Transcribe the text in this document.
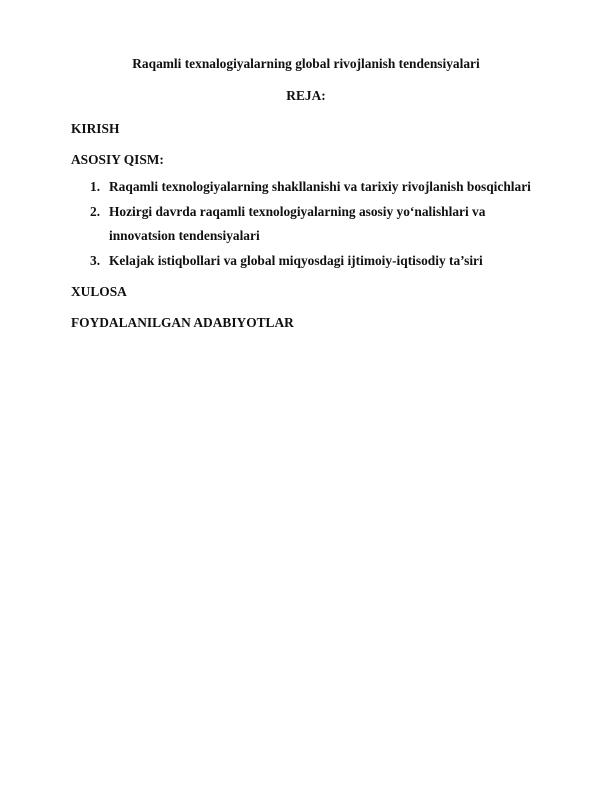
Raqamli texnalogiyalarning global rivojlanish tendensiyalari
REJA:
KIRISH
ASOSIY QISM:
1. Raqamli texnologiyalarning shakllanishi va tarixiy rivojlanish bosqichlari
2. Hozirgi davrda raqamli texnologiyalarning asosiy yo‘nalishlari va
innovatsion tendensiyalari
3. Kelajak istiqbollari va global miqyosdagi ijtimoiy-iqtisodiy ta’siri
XULOSA
FOYDALANILGAN ADABIYOTLAR
